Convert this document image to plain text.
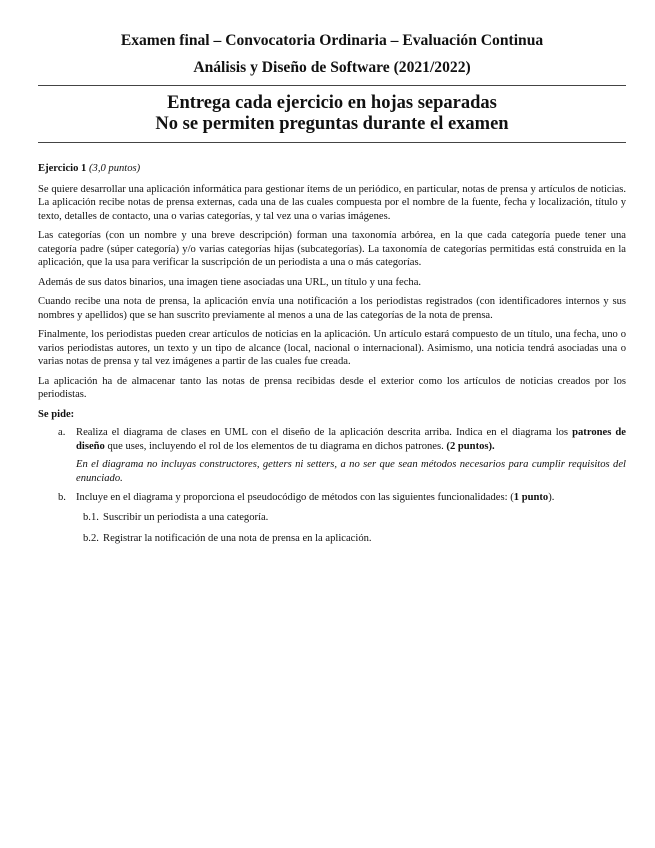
Examen final – Convocatoria Ordinaria – Evaluación Continua
Análisis y Diseño de Software (2021/2022)
Entrega cada ejercicio en hojas separadas
No se permiten preguntas durante el examen
Ejercicio 1 (3,0 puntos)

Se quiere desarrollar una aplicación informática para gestionar ítems de un periódico, en particular, notas de prensa y artículos de noticias. La aplicación recibe notas de prensa externas, cada una de las cuales compuesta por el nombre de la fuente, fecha y localización, título y texto, detalles de contacto, una o varias categorías, y tal vez una o varias imágenes.

Las categorías (con un nombre y una breve descripción) forman una taxonomía arbórea, en la que cada categoría puede tener una categoría padre (súper categoría) y/o varias categorías hijas (subcategorías). La taxonomía de categorías permitidas está construida en la aplicación, que la usa para verificar la suscripción de un periodista a una o más categorías.

Además de sus datos binarios, una imagen tiene asociadas una URL, un título y una fecha.

Cuando recibe una nota de prensa, la aplicación envía una notificación a los periodistas registrados (con identificadores internos y sus nombres y apellidos) que se han suscrito previamente al menos a una de las categorías de la nota de prensa.

Finalmente, los periodistas pueden crear artículos de noticias en la aplicación. Un artículo estará compuesto de un título, una fecha, uno o varios periodistas autores, un texto y un tipo de alcance (local, nacional o internacional). Asimismo, una noticia tendrá asociadas una o varias notas de prensa y tal vez imágenes a partir de las cuales fue creada.

La aplicación ha de almacenar tanto las notas de prensa recibidas desde el exterior como los artículos de noticias creados por los periodistas.

Se pide:
a. Realiza el diagrama de clases en UML con el diseño de la aplicación descrita arriba. Indica en el diagrama los patrones de diseño que uses, incluyendo el rol de los elementos de tu diagrama en dichos patrones. (2 puntos).
En el diagrama no incluyas constructores, getters ni setters, a no ser que sean métodos necesarios para cumplir requisitos del enunciado.
b. Incluye en el diagrama y proporciona el pseudocódigo de métodos con las siguientes funcionalidades: (1 punto).
b.1. Suscribir un periodista a una categoría.
b.2. Registrar la notificación de una nota de prensa en la aplicación.
